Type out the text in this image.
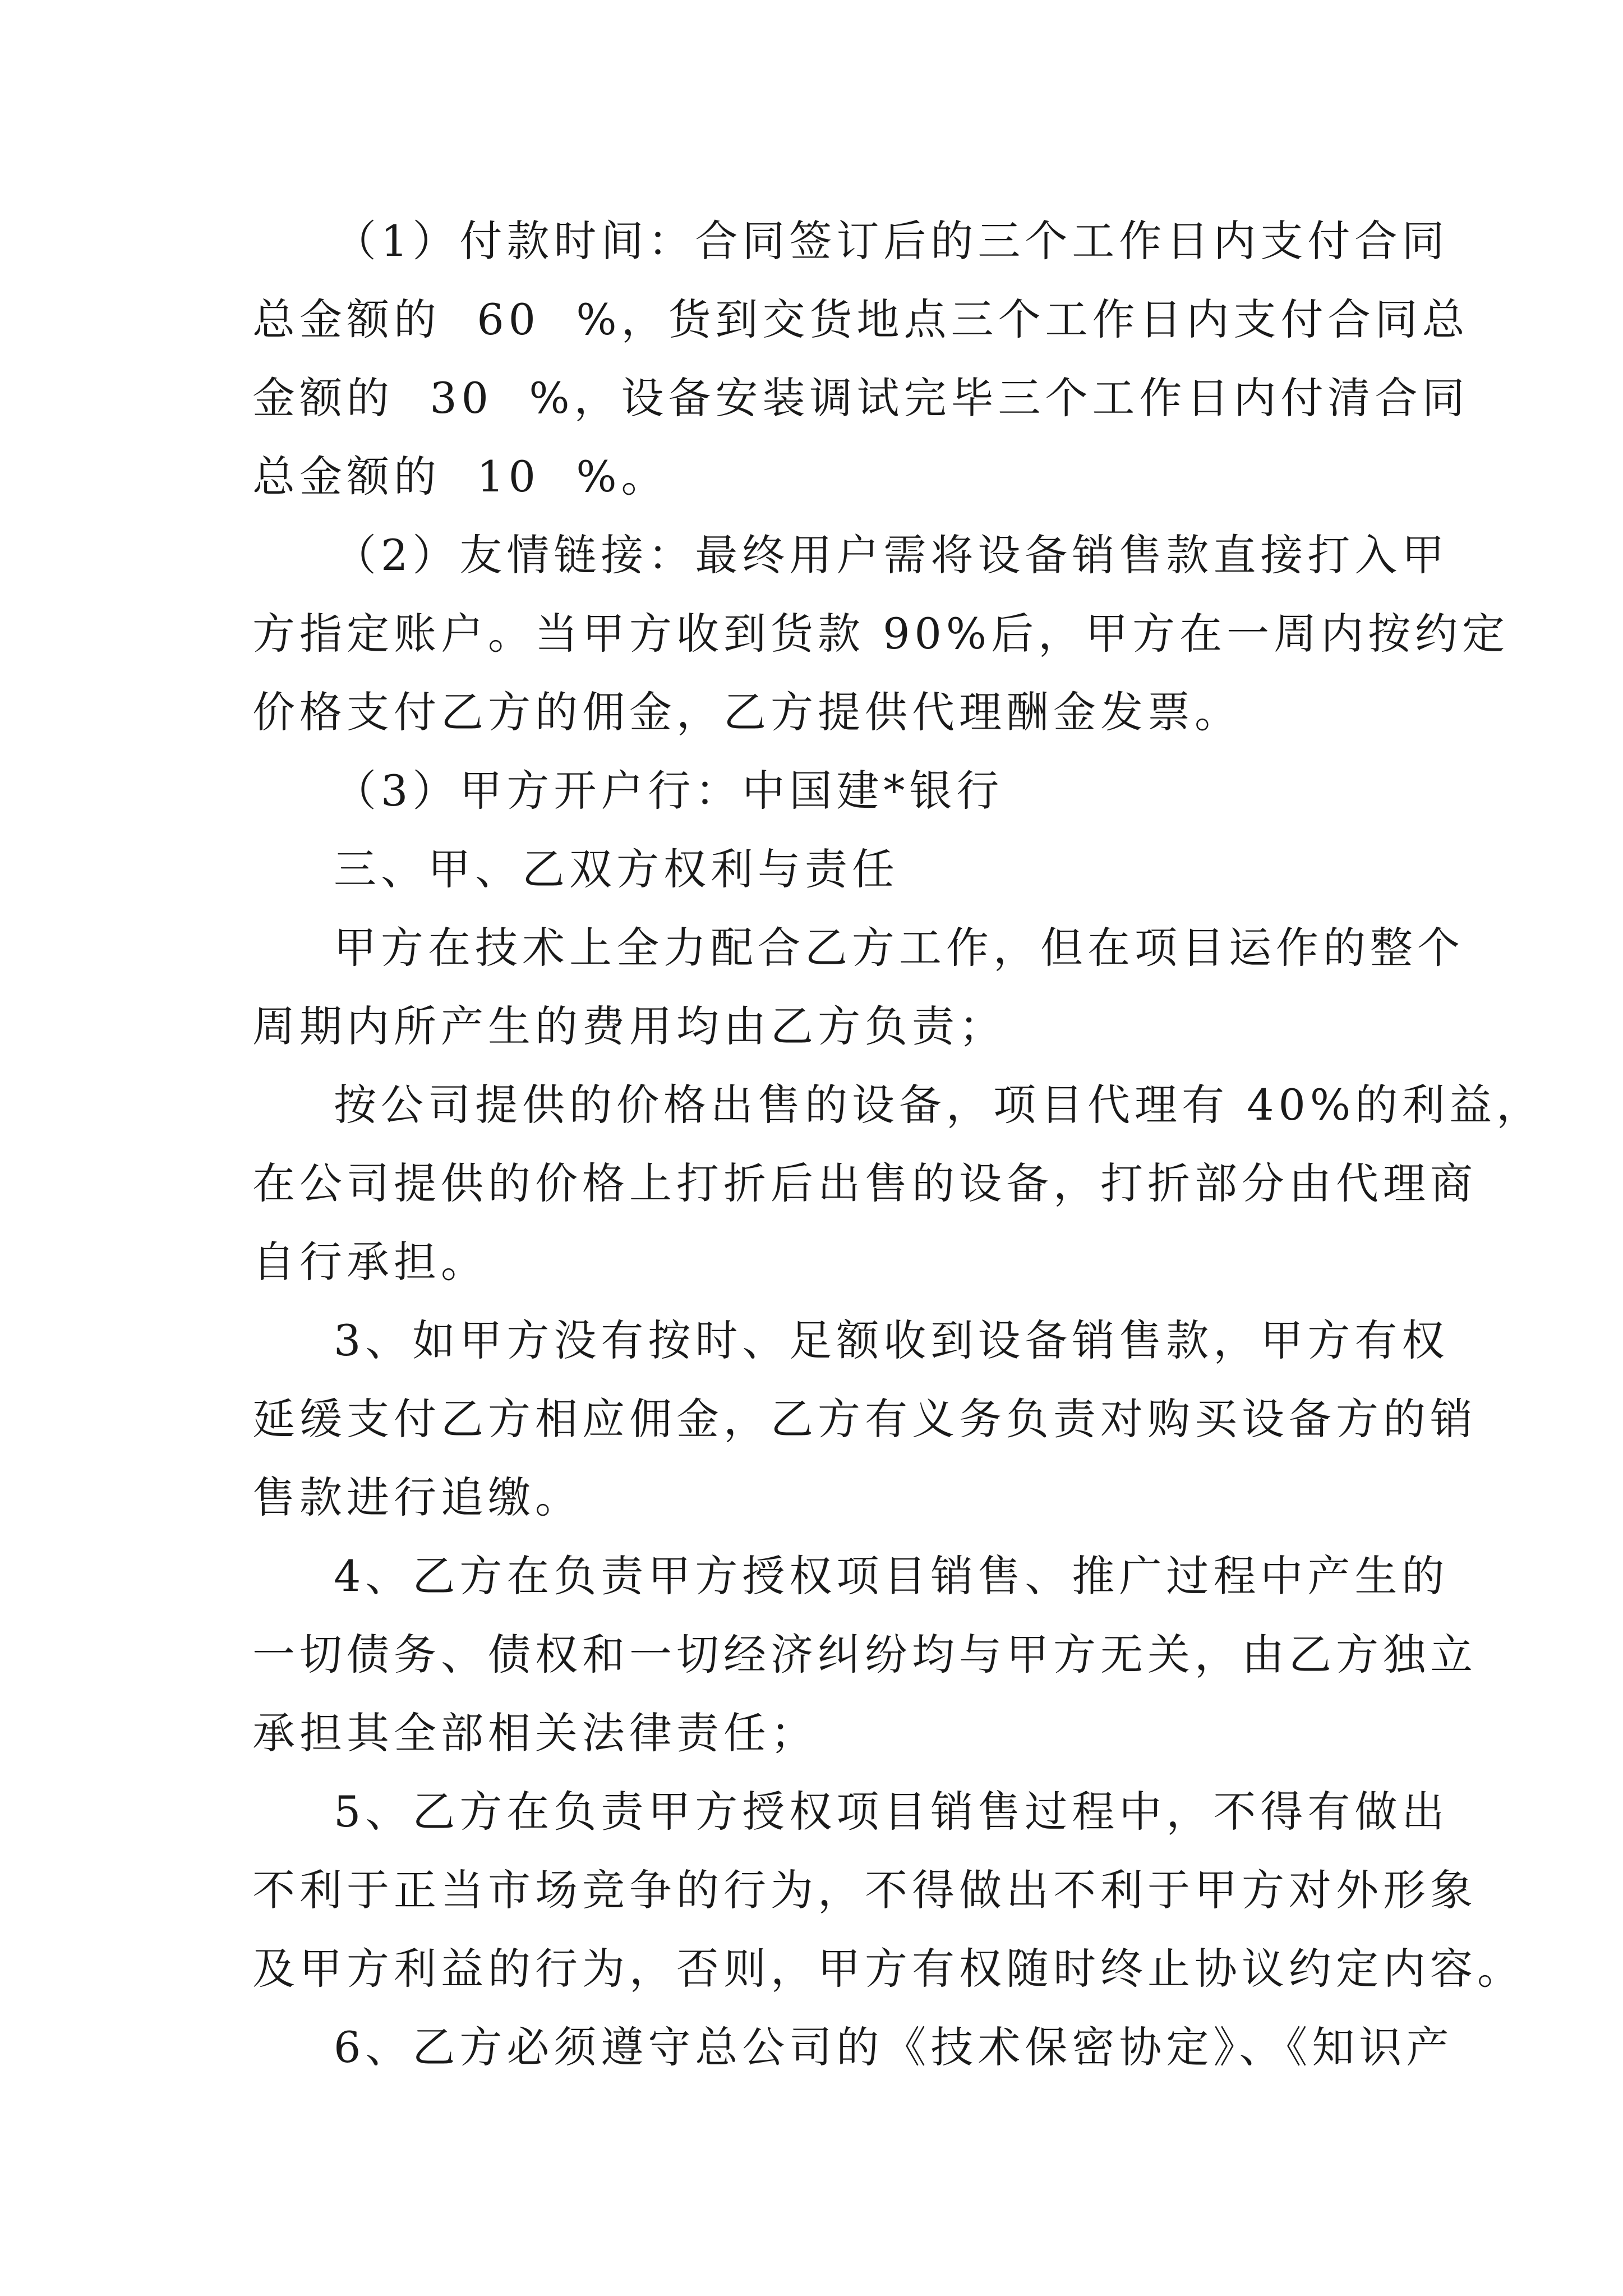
（1）付款时间：合同签订后的三个工作日内支付合同
总金额的  60  %，货到交货地点三个工作日内支付合同总
金额的  30  %，设备安装调试完毕三个工作日内付清合同
总金额的  10  %。
（2）友情链接：最终用户需将设备销售款直接打入甲
方指定账户。当甲方收到货款 90%后，甲方在一周内按约定
价格支付乙方的佣金，乙方提供代理酬金发票。
（3）甲方开户行：中国建*银行
三、甲、乙双方权利与责任
甲方在技术上全力配合乙方工作，但在项目运作的整个
周期内所产生的费用均由乙方负责；
按公司提供的价格出售的设备，项目代理有 40%的利益，
在公司提供的价格上打折后出售的设备，打折部分由代理商
自行承担。
3、如甲方没有按时、足额收到设备销售款，甲方有权
延缓支付乙方相应佣金，乙方有义务负责对购买设备方的销
售款进行追缴。
4、乙方在负责甲方授权项目销售、推广过程中产生的
一切债务、债权和一切经济纠纷均与甲方无关，由乙方独立
承担其全部相关法律责任；
5、乙方在负责甲方授权项目销售过程中，不得有做出
不利于正当市场竞争的行为，不得做出不利于甲方对外形象
及甲方利益的行为，否则，甲方有权随时终止协议约定内容。
6、乙方必须遵守总公司的《技术保密协定》、《知识产
